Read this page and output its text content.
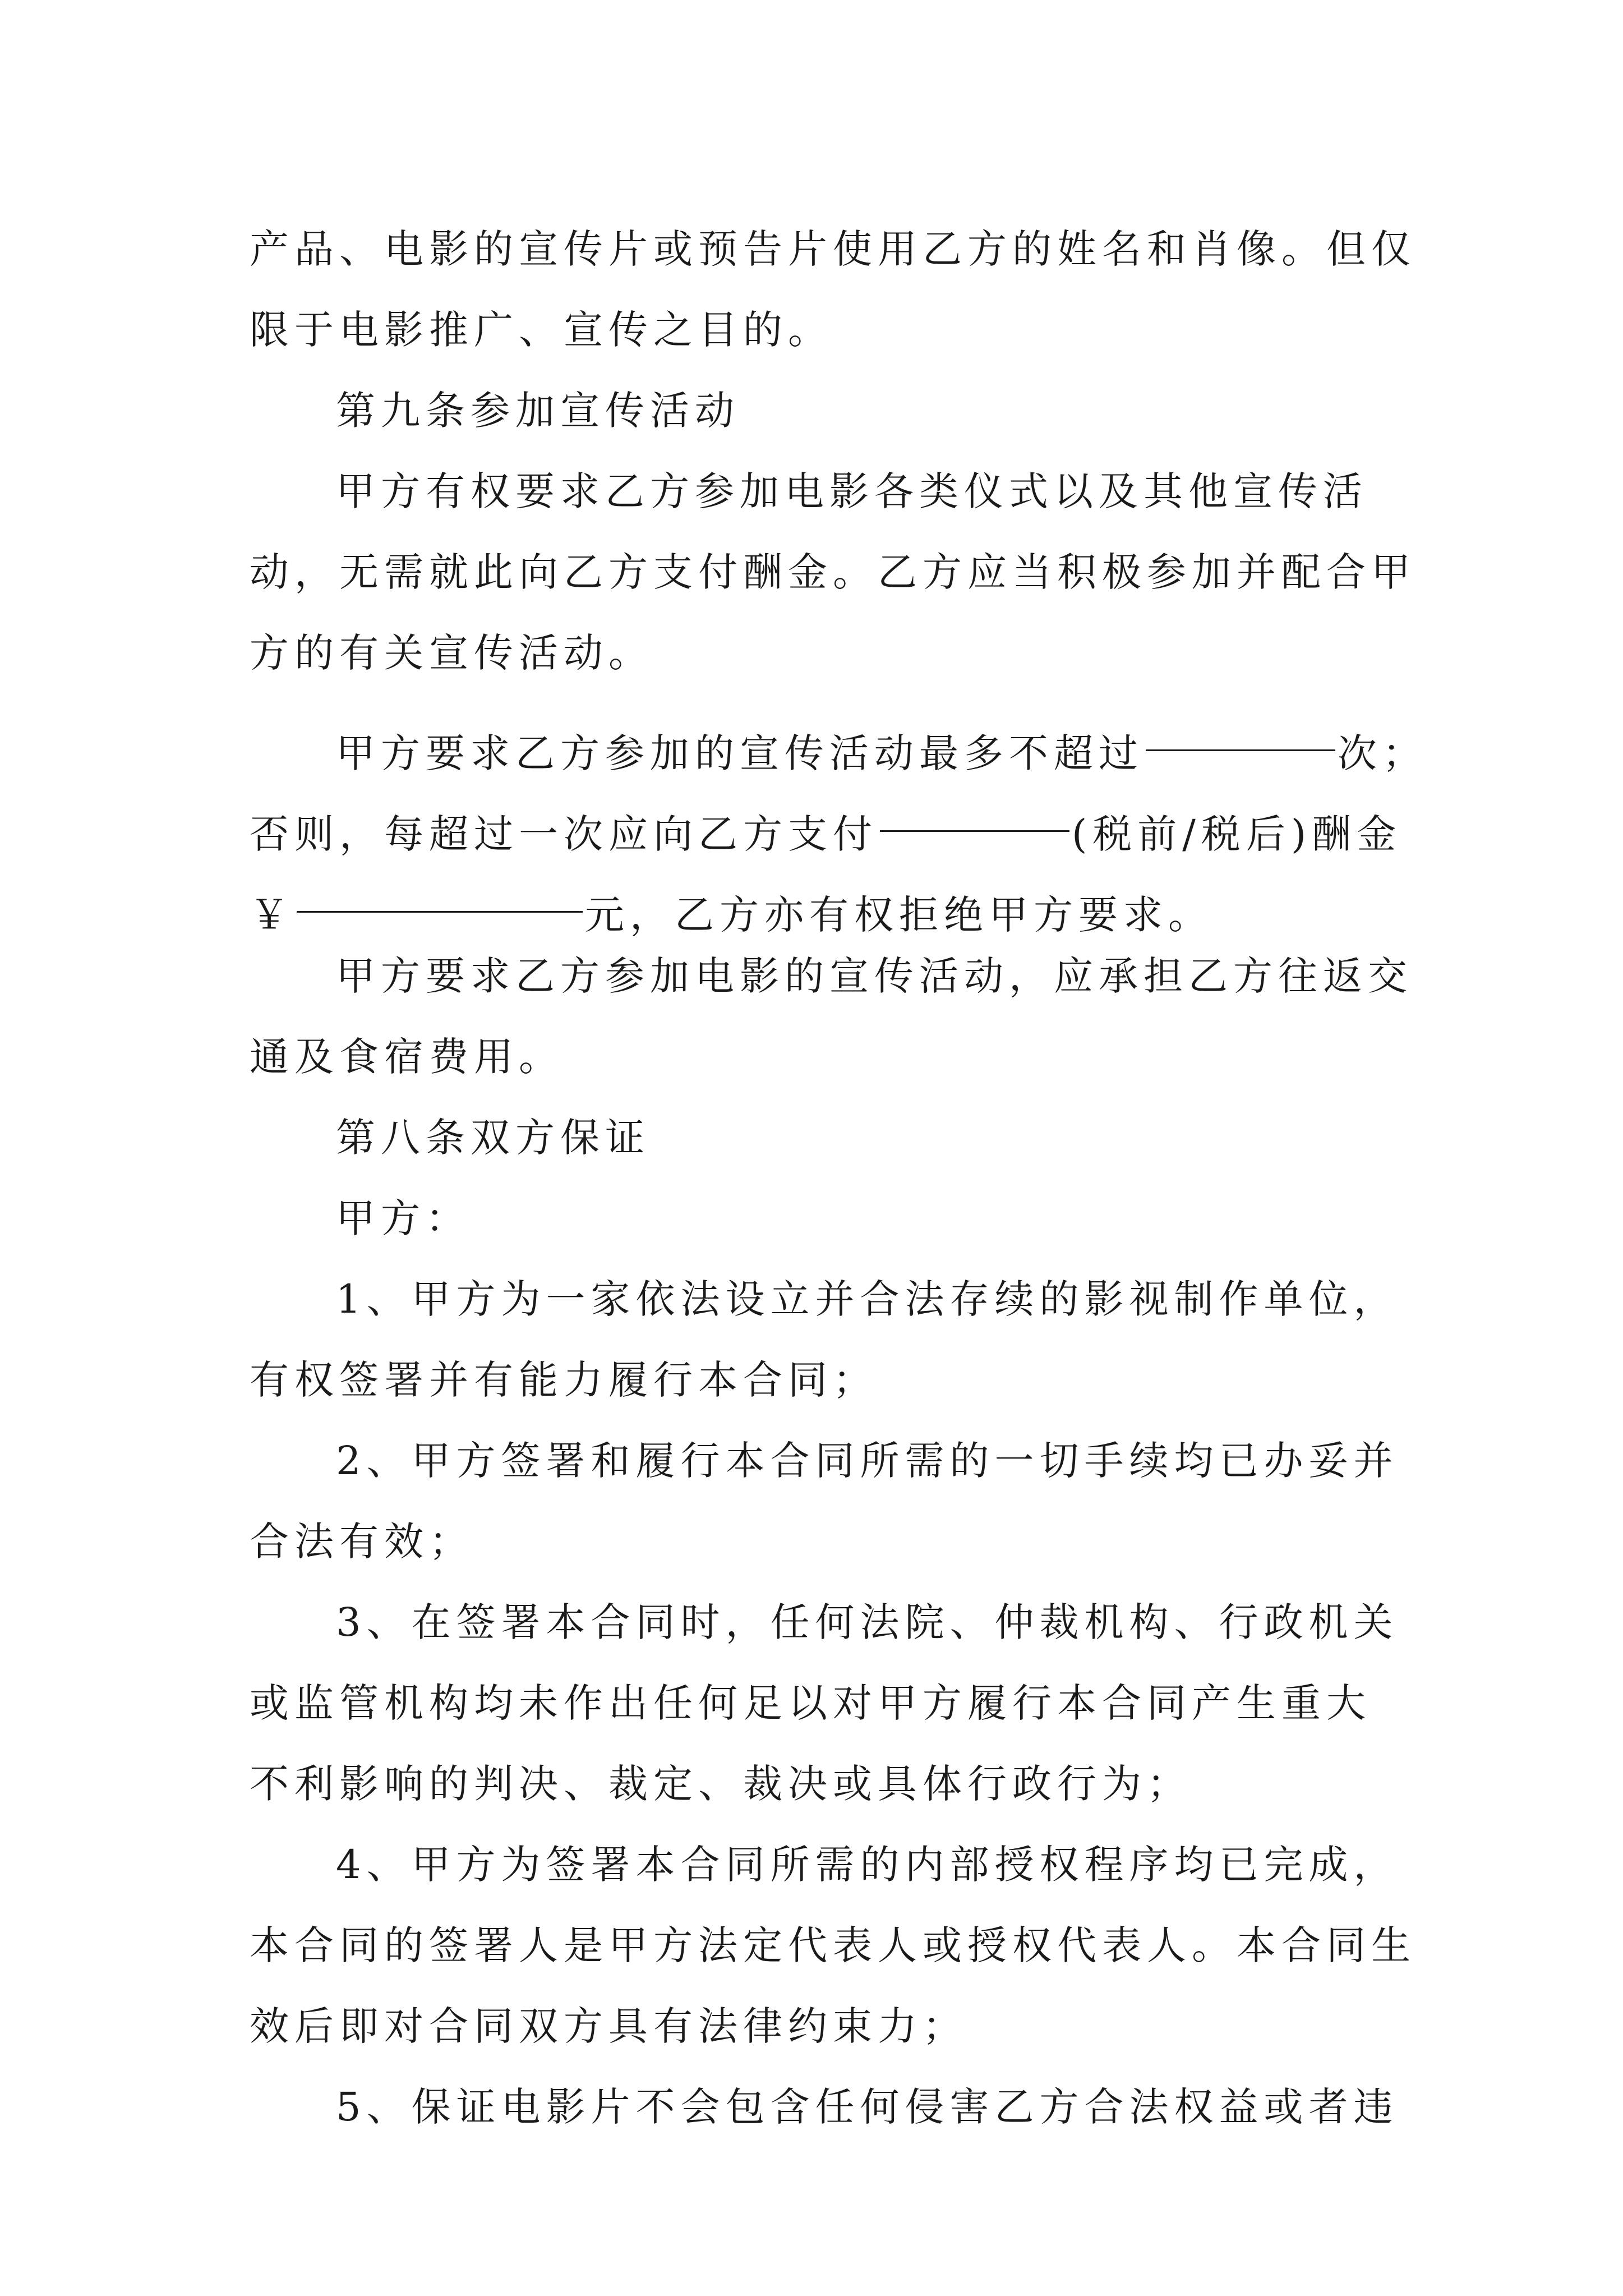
产品、电影的宣传片或预告片使用乙方的姓名和肖像。但仅
限于电影推广、宣传之目的。
第九条参加宣传活动
甲方有权要求乙方参加电影各类仪式以及其他宣传活
动，无需就此向乙方支付酬金。乙方应当积极参加并配合甲
方的有关宣传活动。
甲方要求乙方参加的宣传活动最多不超过	次；
否则，每超过一次应向乙方支付	(税前/税后)酬金
￥	元，乙方亦有权拒绝甲方要求。
甲方要求乙方参加电影的宣传活动，应承担乙方往返交
通及食宿费用。
第八条双方保证
甲方：
1、甲方为一家依法设立并合法存续的影视制作单位，
有权签署并有能力履行本合同；
2、甲方签署和履行本合同所需的一切手续均已办妥并
合法有效；
3、在签署本合同时，任何法院、仲裁机构、行政机关
或监管机构均未作出任何足以对甲方履行本合同产生重大
不利影响的判决、裁定、裁决或具体行政行为；
4、甲方为签署本合同所需的内部授权程序均已完成，
本合同的签署人是甲方法定代表人或授权代表人。本合同生
效后即对合同双方具有法律约束力；
5、保证电影片不会包含任何侵害乙方合法权益或者违
